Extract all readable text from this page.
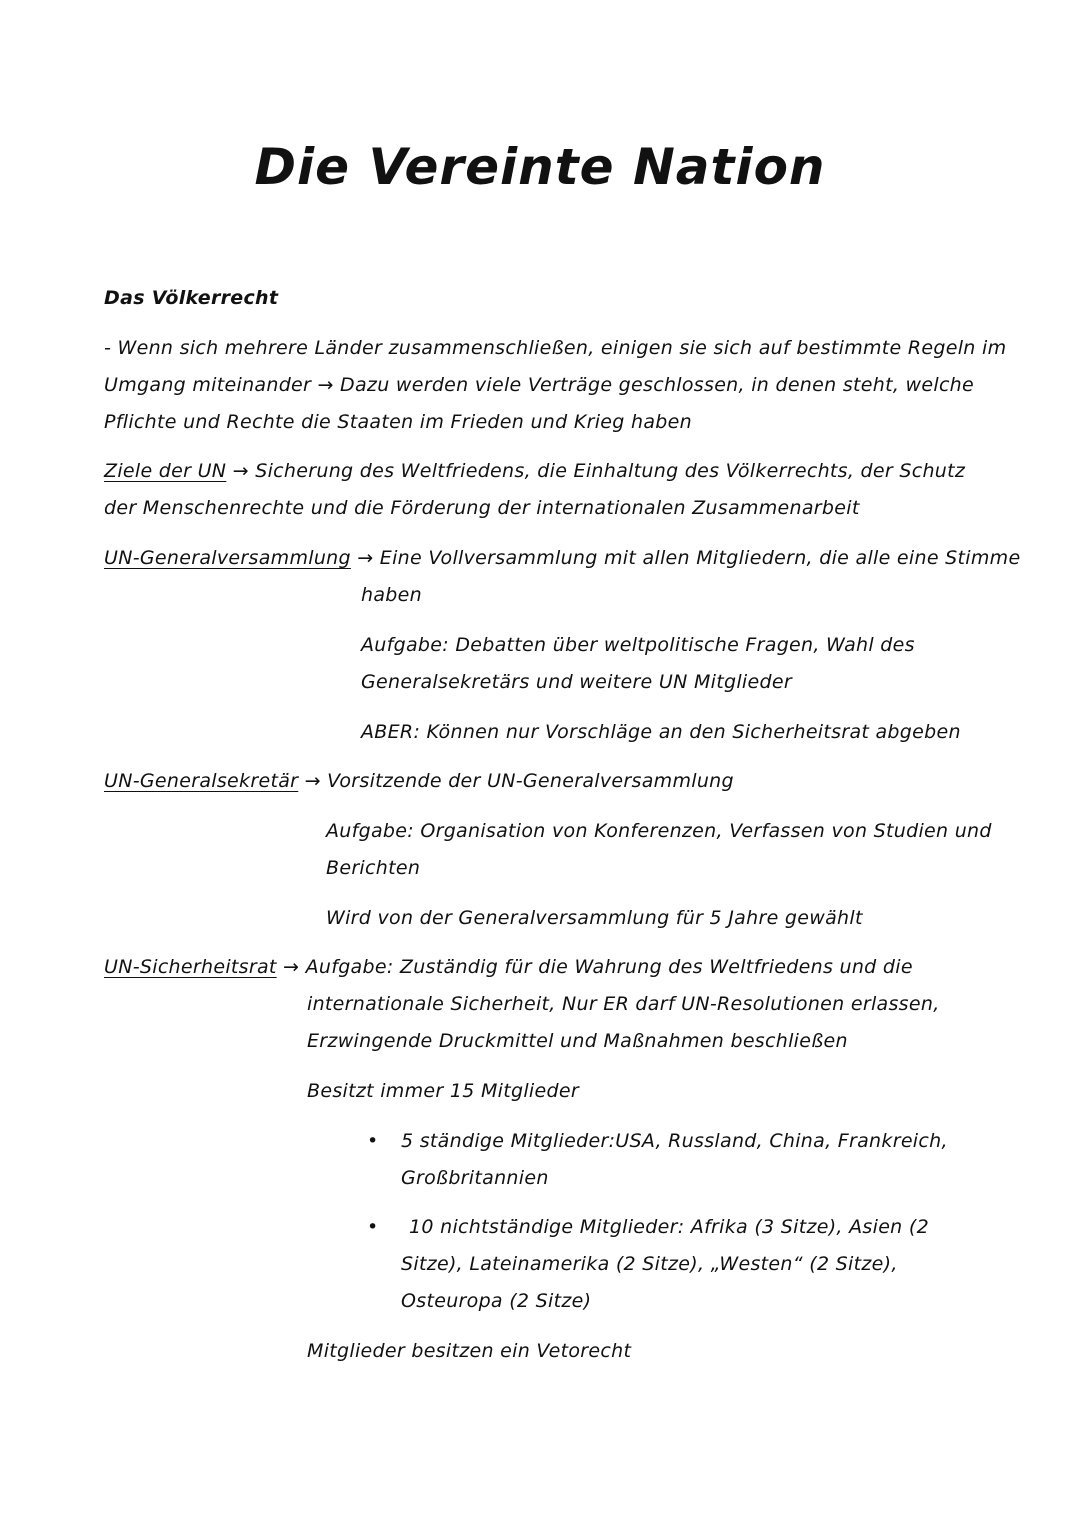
Die Vereinte Nation
Das Völkerrecht
- Wenn sich mehrere Länder zusammenschließen, einigen sie sich auf bestimmte Regeln im
Umgang miteinander → Dazu werden viele Verträge geschlossen, in denen steht, welche
Pflichte und Rechte die Staaten im Frieden und Krieg haben
Ziele der UN → Sicherung des Weltfriedens, die Einhaltung des Völkerrechts, der Schutz
der Menschenrechte und die Förderung der internationalen Zusammenarbeit
UN-Generalversammlung → Eine Vollversammlung mit allen Mitgliedern, die alle eine Stimme
haben
Aufgabe: Debatten über weltpolitische Fragen, Wahl des
Generalsekretärs und weitere UN Mitglieder
ABER: Können nur Vorschläge an den Sicherheitsrat abgeben
UN-Generalsekretär → Vorsitzende der UN-Generalversammlung
Aufgabe: Organisation von Konferenzen, Verfassen von Studien und
Berichten
Wird von der Generalversammlung für 5 Jahre gewählt
UN-Sicherheitsrat → Aufgabe: Zuständig für die Wahrung des Weltfriedens und die
internationale Sicherheit, Nur ER darf UN-Resolutionen erlassen,
Erzwingende Druckmittel und Maßnahmen beschließen
Besitzt immer 15 Mitglieder
• 5 ständige Mitglieder:USA, Russland, China, Frankreich,
Großbritannien
• 10 nichtständige Mitglieder: Afrika (3 Sitze), Asien (2
Sitze), Lateinamerika (2 Sitze), „Westen“ (2 Sitze),
Osteuropa (2 Sitze)
Mitglieder besitzen ein Vetorecht
